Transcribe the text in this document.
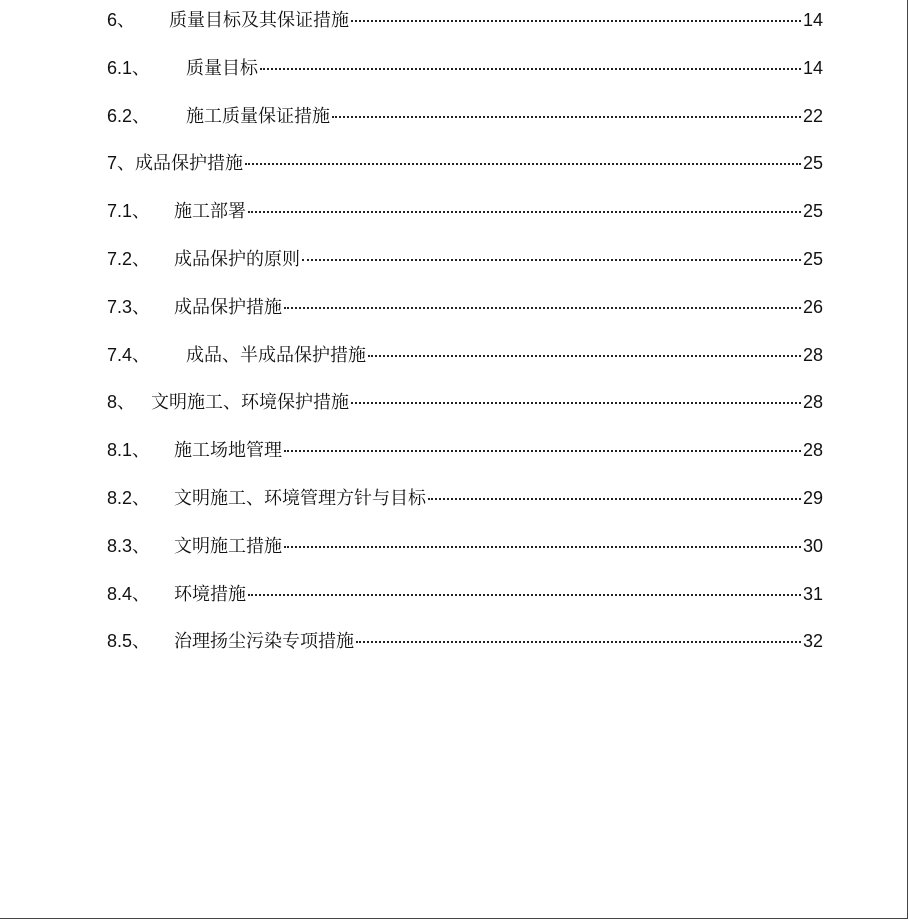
6、 质量目标及其保证措施	14
6.1、 质量目标	14
6.2、 施工质量保证措施	22
7、 成品保护措施	25
7.1、 施工部署	25
7.2、 成品保护的原则	25
7.3、 成品保护措施	26
7.4、 成品、半成品保护措施	28
8、 文明施工、环境保护措施	28
8.1、 施工场地管理	28
8.2、 文明施工、环境管理方针与目标	29
8.3、 文明施工措施	30
8.4、 环境措施	31
8.5、 治理扬尘污染专项措施	32
